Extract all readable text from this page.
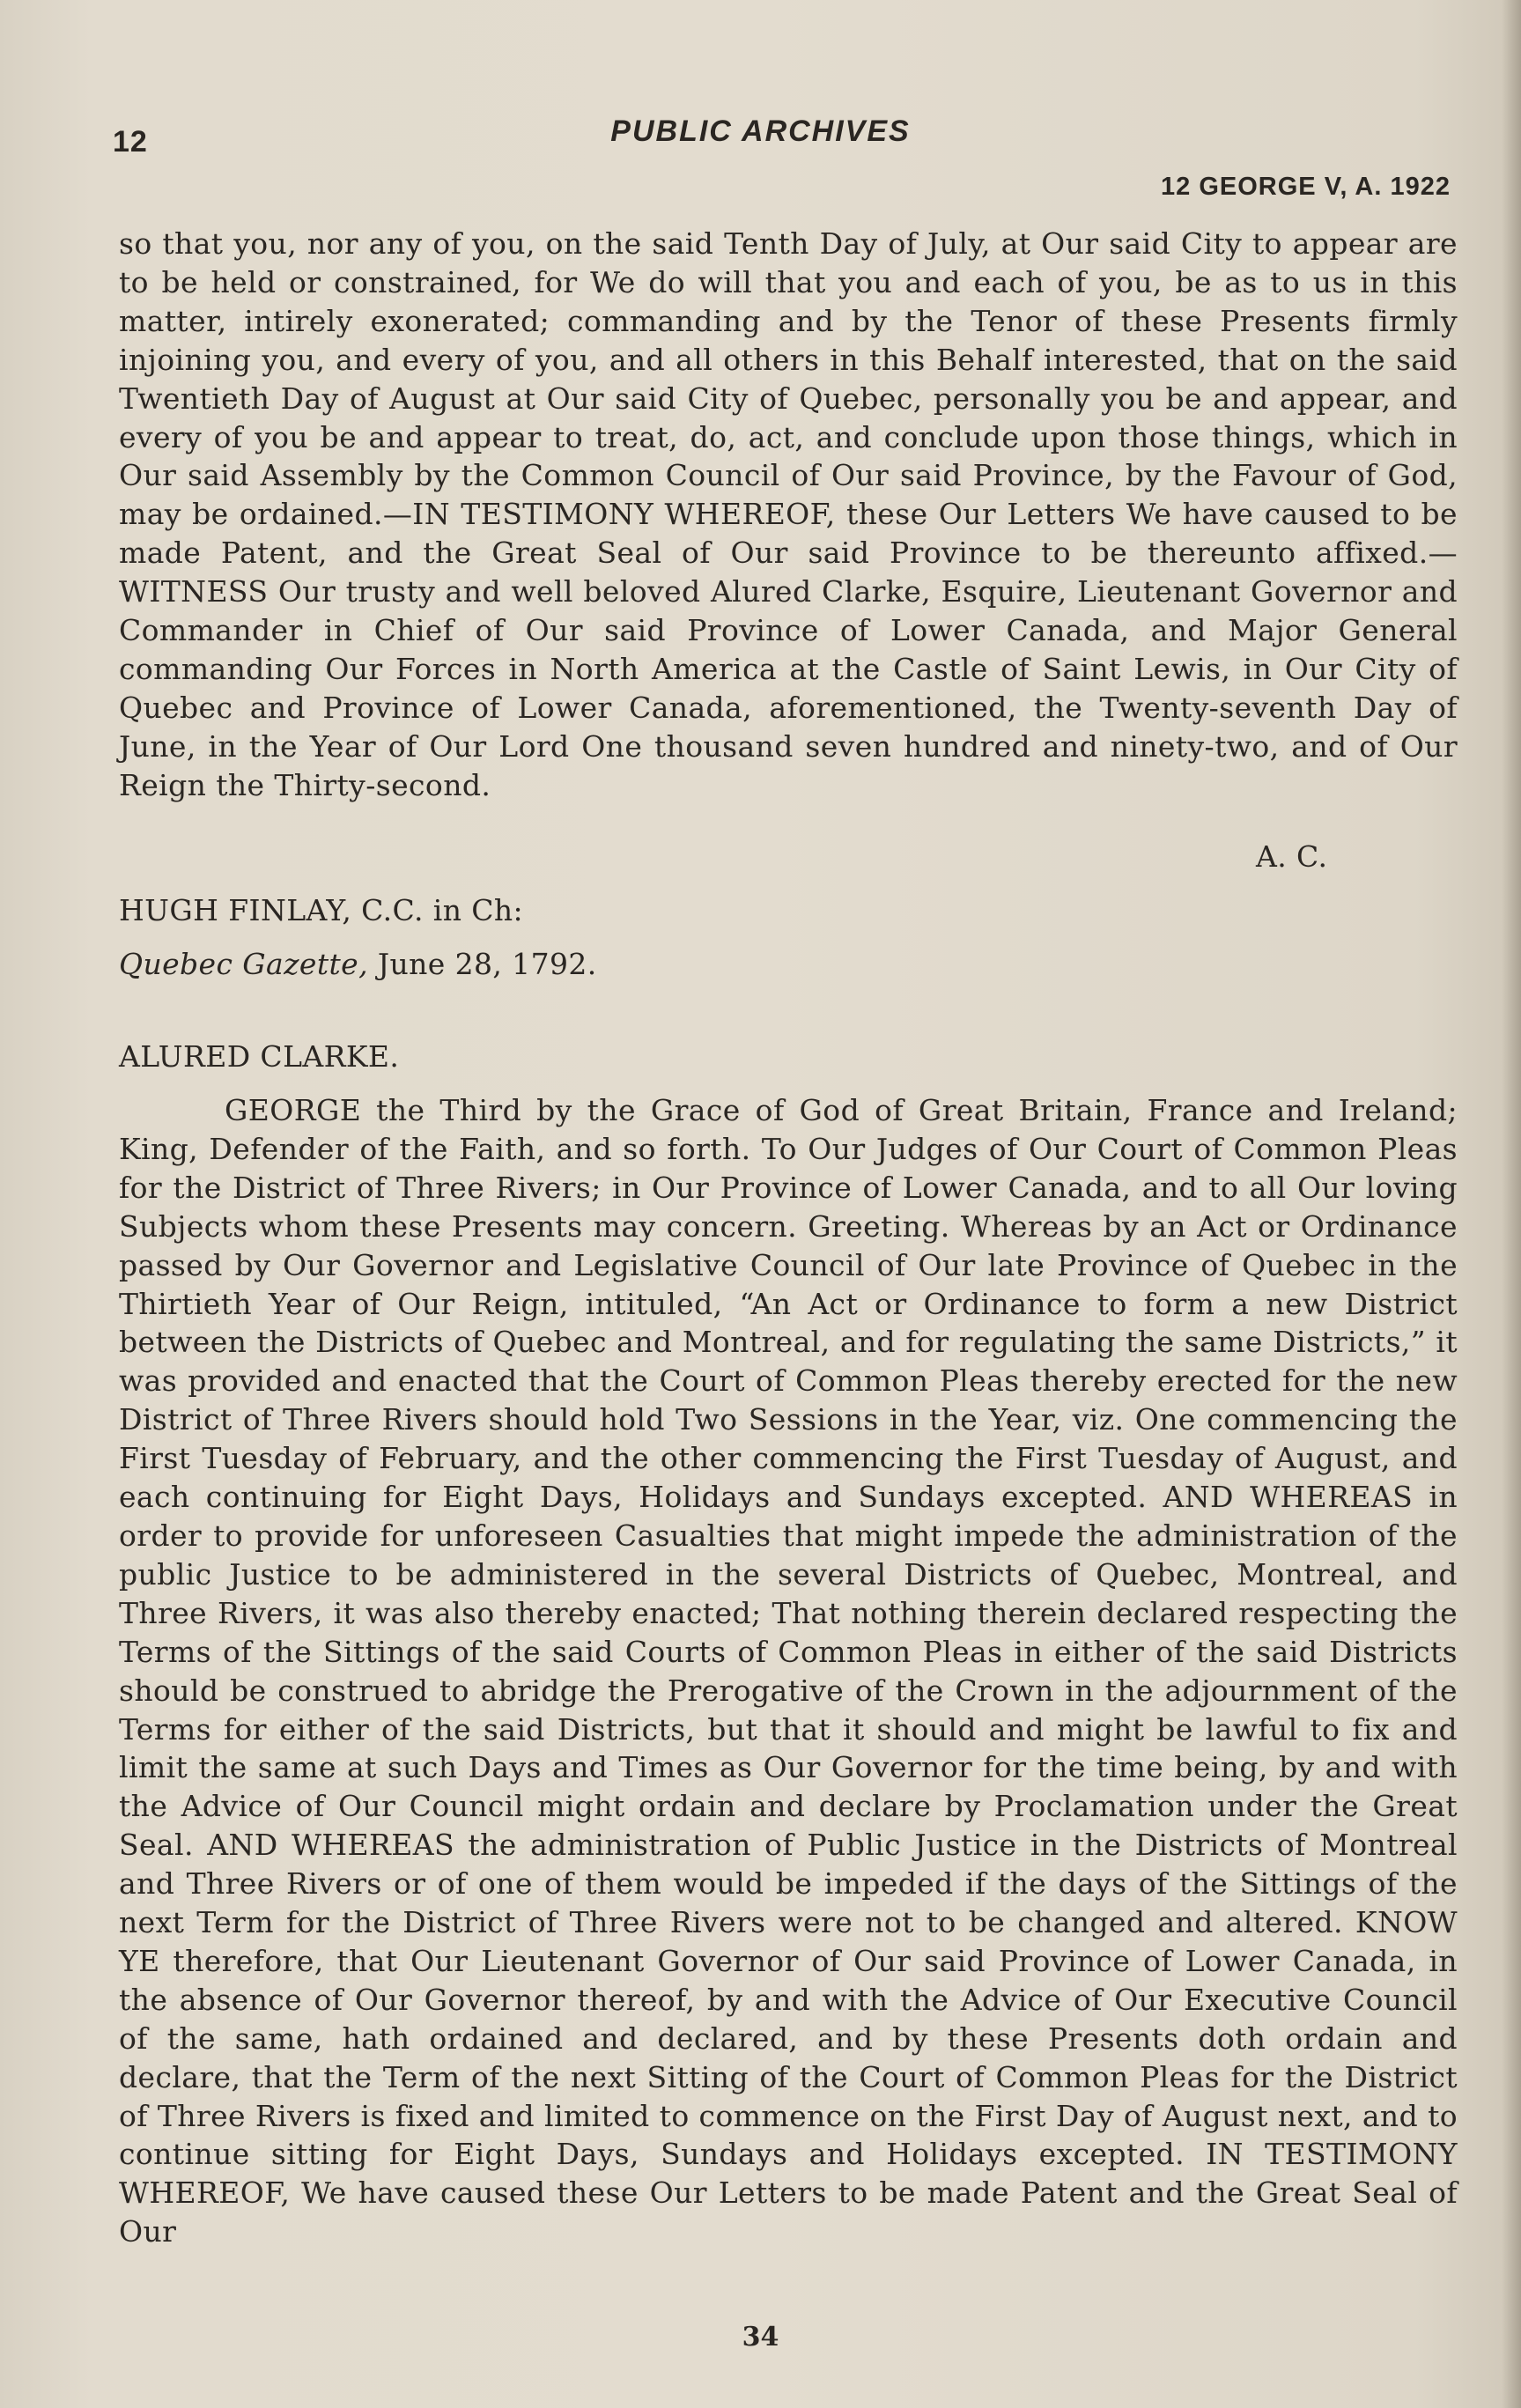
12	PUBLIC ARCHIVES
12 GEORGE V, A. 1922
so that you, nor any of you, on the said Tenth Day of July, at Our said City to appear are to be held or constrained, for We do will that you and each of you, be as to us in this matter, intirely exonerated; commanding and by the Tenor of these Presents firmly injoining you, and every of you, and all others in this Behalf interested, that on the said Twentieth Day of August at Our said City of Quebec, personally you be and appear, and every of you be and appear to treat, do, act, and conclude upon those things, which in Our said Assembly by the Common Council of Our said Province, by the Favour of God, may be ordained.—IN TESTIMONY WHEREOF, these Our Letters We have caused to be made Patent, and the Great Seal of Our said Province to be thereunto affixed.—WITNESS Our trusty and well beloved Alured Clarke, Esquire, Lieutenant Governor and Commander in Chief of Our said Province of Lower Canada, and Major General commanding Our Forces in North America at the Castle of Saint Lewis, in Our City of Quebec and Province of Lower Canada, aforementioned, the Twenty-seventh Day of June, in the Year of Our Lord One thousand seven hundred and ninety-two, and of Our Reign the Thirty-second.
A. C.
HUGH FINLAY, C.C. in Ch:
Quebec Gazette, June 28, 1792.
ALURED CLARKE.
GEORGE the Third by the Grace of God of Great Britain, France and Ireland; King, Defender of the Faith, and so forth. To Our Judges of Our Court of Common Pleas for the District of Three Rivers; in Our Province of Lower Canada, and to all Our loving Subjects whom these Presents may concern. Greeting. Whereas by an Act or Ordinance passed by Our Governor and Legislative Council of Our late Province of Quebec in the Thirtieth Year of Our Reign, intituled, “An Act or Ordinance to form a new District between the Districts of Quebec and Montreal, and for regulating the same Districts,” it was provided and enacted that the Court of Common Pleas thereby erected for the new District of Three Rivers should hold Two Sessions in the Year, viz. One commencing the First Tuesday of February, and the other commencing the First Tuesday of August, and each continuing for Eight Days, Holidays and Sundays excepted. AND WHEREAS in order to provide for unforeseen Casualties that might impede the administration of the public Justice to be administered in the several Districts of Quebec, Montreal, and Three Rivers, it was also thereby enacted; That nothing therein declared respecting the Terms of the Sittings of the said Courts of Common Pleas in either of the said Districts should be construed to abridge the Prerogative of the Crown in the adjournment of the Terms for either of the said Districts, but that it should and might be lawful to fix and limit the same at such Days and Times as Our Governor for the time being, by and with the Advice of Our Council might ordain and declare by Proclamation under the Great Seal. AND WHEREAS the administration of Public Justice in the Districts of Montreal and Three Rivers or of one of them would be impeded if the days of the Sittings of the next Term for the District of Three Rivers were not to be changed and altered. KNOW YE therefore, that Our Lieutenant Governor of Our said Province of Lower Canada, in the absence of Our Governor thereof, by and with the Advice of Our Executive Council of the same, hath ordained and declared, and by these Presents doth ordain and declare, that the Term of the next Sitting of the Court of Common Pleas for the District of Three Rivers is fixed and limited to commence on the First Day of August next, and to continue sitting for Eight Days, Sundays and Holidays excepted. IN TESTIMONY WHEREOF, We have caused these Our Letters to be made Patent and the Great Seal of Our
34
